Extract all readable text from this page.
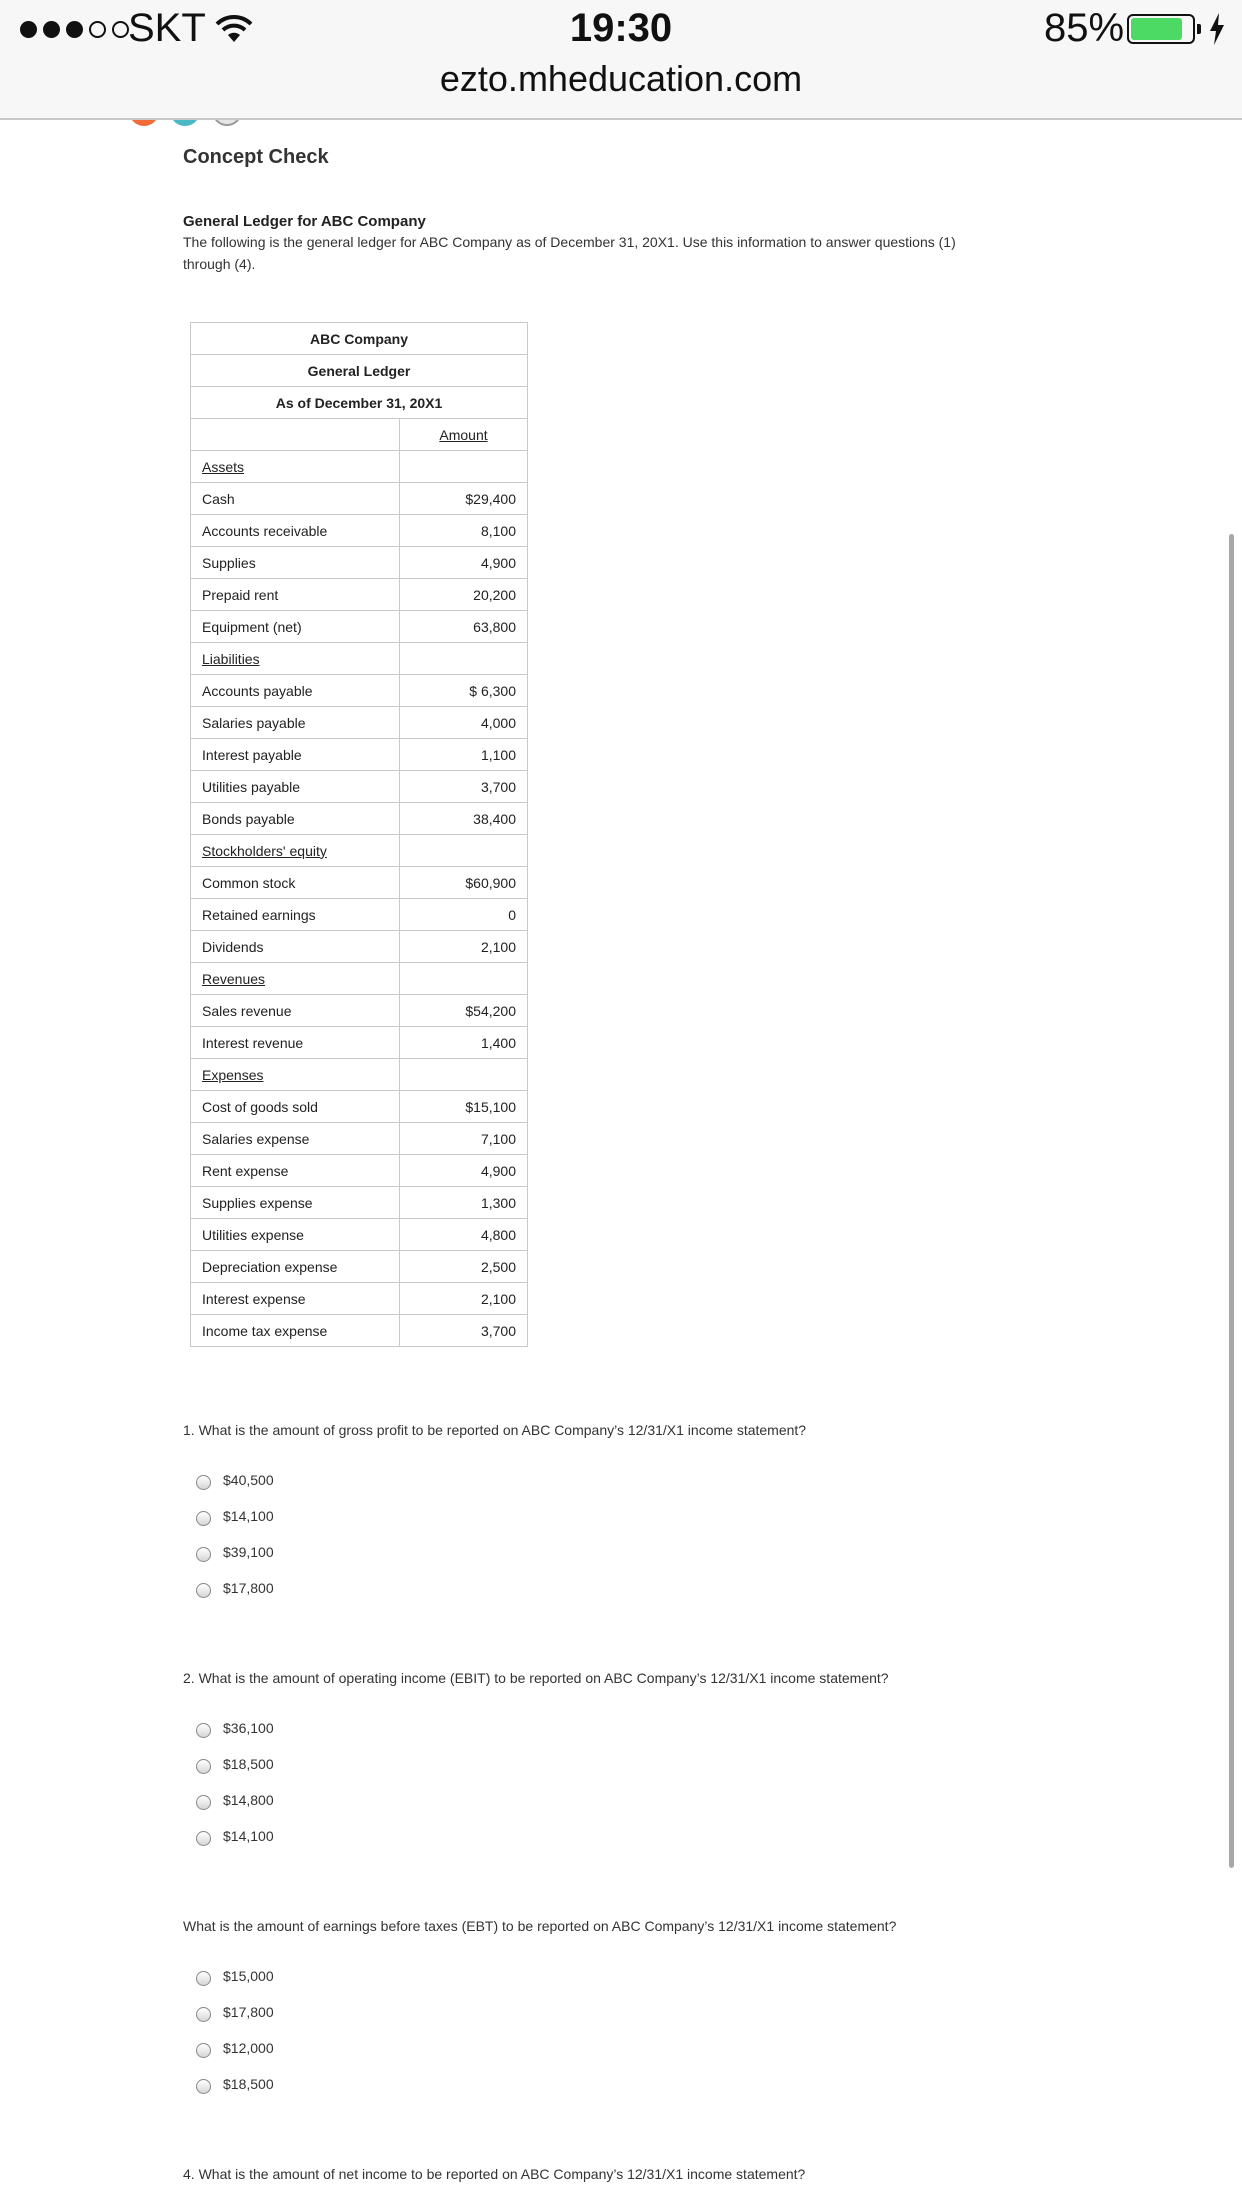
SKT	19:30	85%
ezto.mheducation.com
Concept Check
General Ledger for ABC Company
The following is the general ledger for ABC Company as of December 31, 20X1. Use this information to answer questions (1) through (4).
ABC Company	
General Ledger	
As of December 31, 20X1	
	Amount
Assets	
Cash	$29,400
Accounts receivable	8,100
Supplies	4,900
Prepaid rent	20,200
Equipment (net)	63,800
Liabilities	
Accounts payable	$ 6,300
Salaries payable	4,000
Interest payable	1,100
Utilities payable	3,700
Bonds payable	38,400
Stockholders' equity	
Common stock	$60,900
Retained earnings	0
Dividends	2,100
Revenues	
Sales revenue	$54,200
Interest revenue	1,400
Expenses	
Cost of goods sold	$15,100
Salaries expense	7,100
Rent expense	4,900
Supplies expense	1,300
Utilities expense	4,800
Depreciation expense	2,500
Interest expense	2,100
Income tax expense	3,700
1. What is the amount of gross profit to be reported on ABC Company’s 12/31/X1 income statement?
$40,500
$14,100
$39,100
$17,800
2. What is the amount of operating income (EBIT) to be reported on ABC Company’s 12/31/X1 income statement?
$36,100
$18,500
$14,800
$14,100
What is the amount of earnings before taxes (EBT) to be reported on ABC Company’s 12/31/X1 income statement?
$15,000
$17,800
$12,000
$18,500
4. What is the amount of net income to be reported on ABC Company’s 12/31/X1 income statement?
